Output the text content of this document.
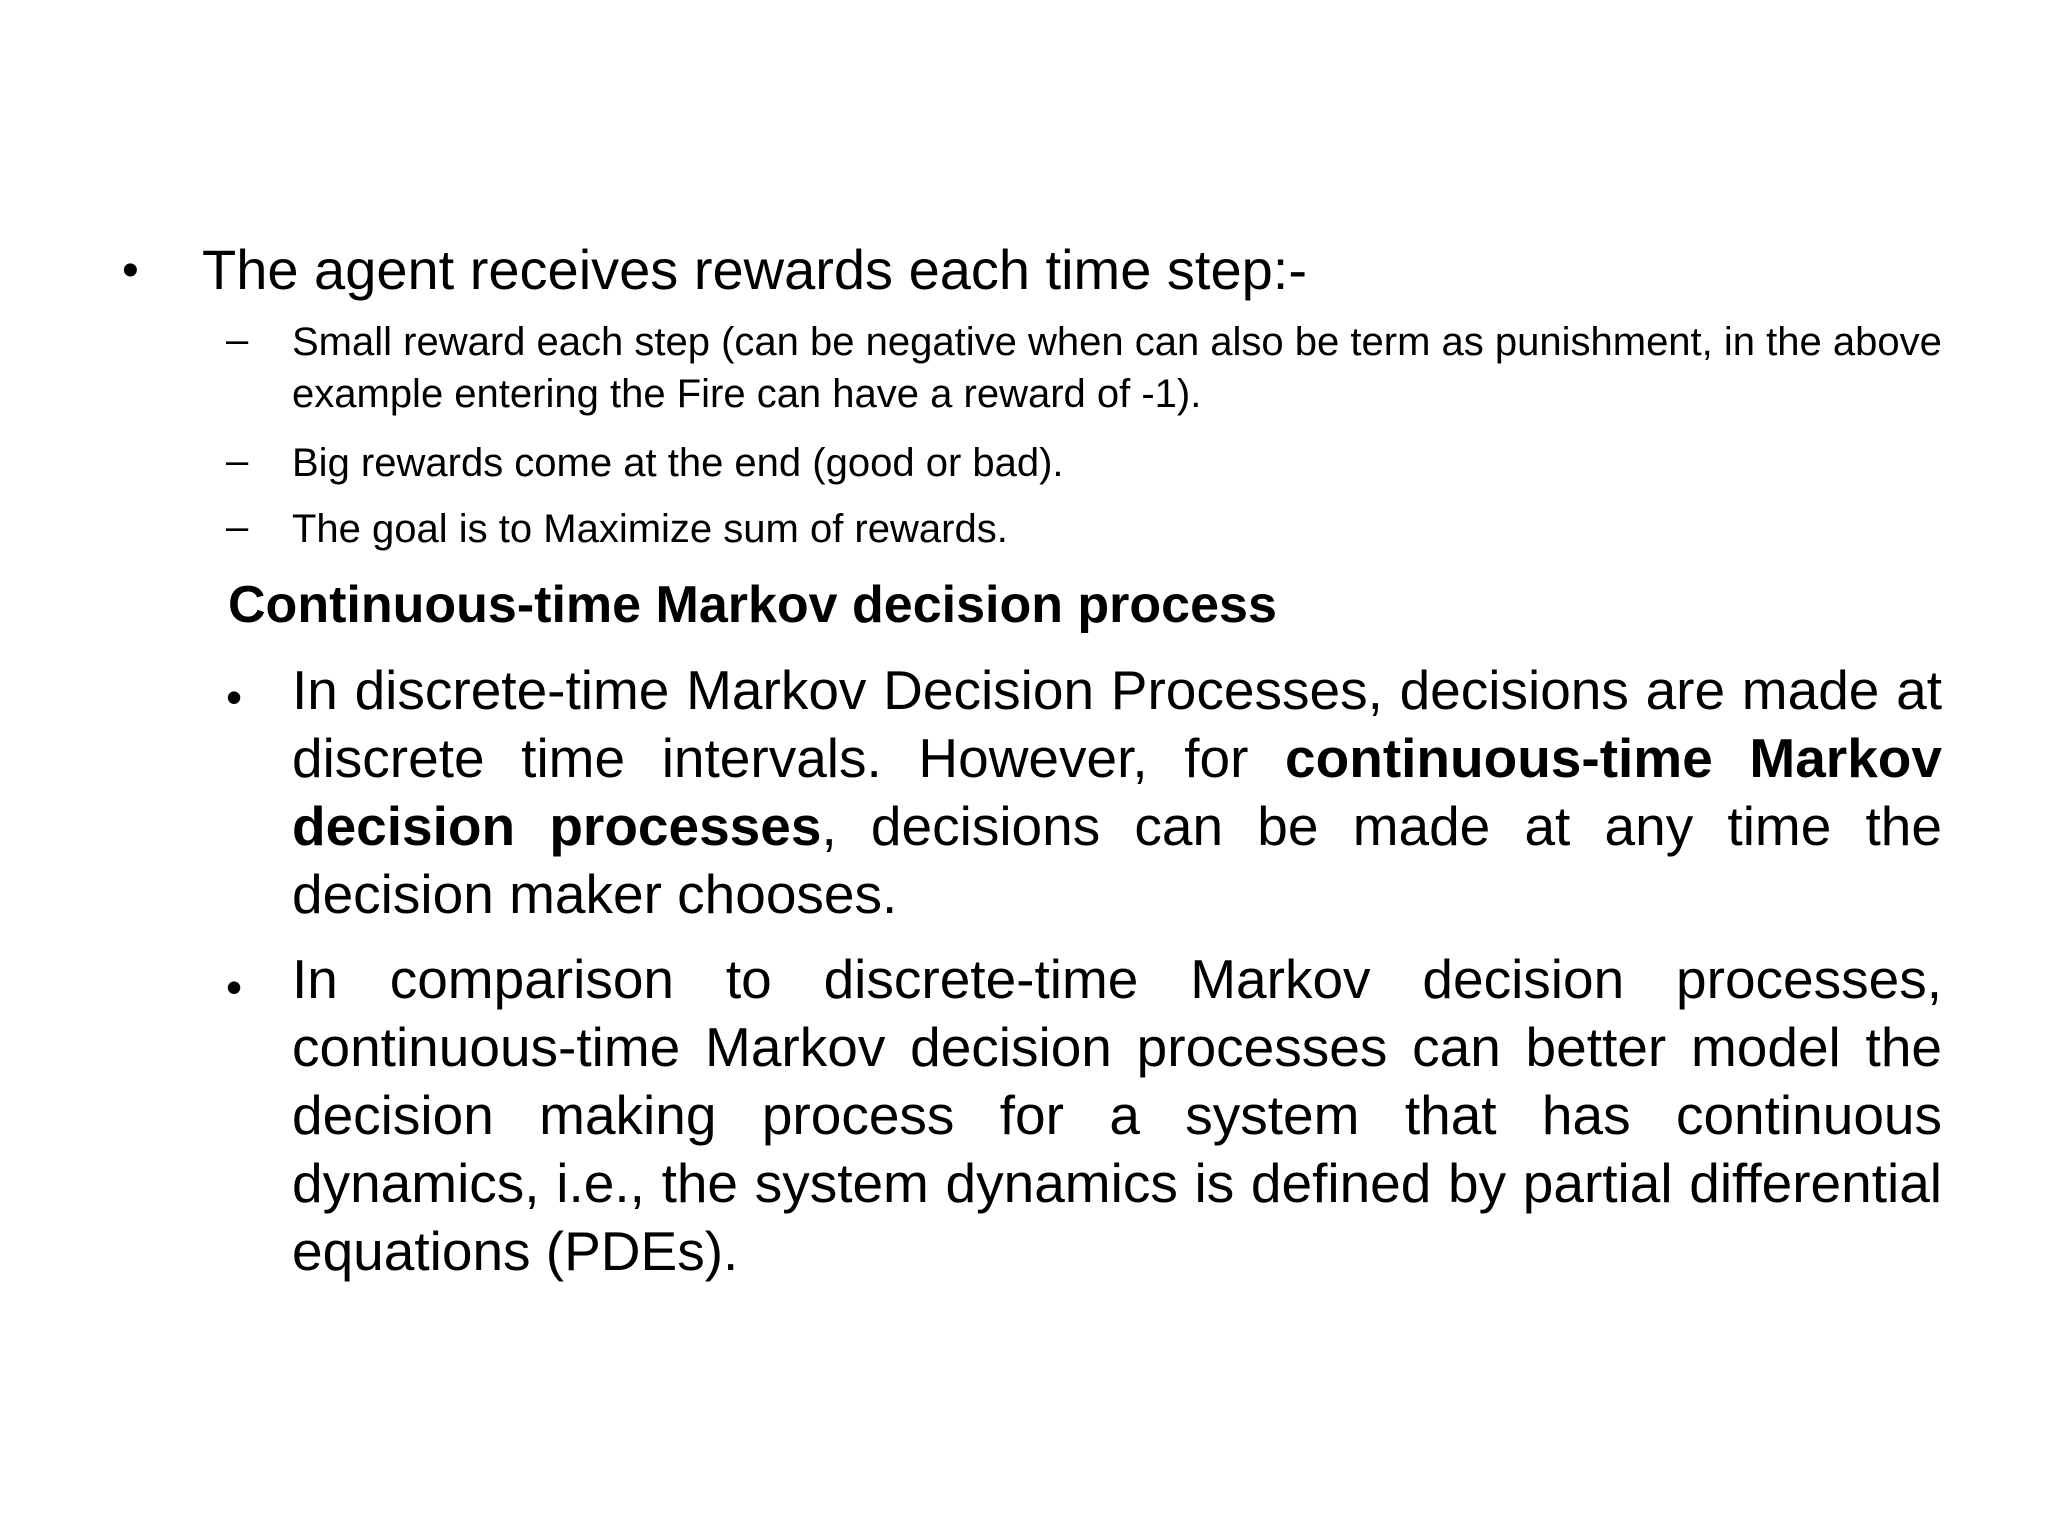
• The agent receives rewards each time step:-
– Small reward each step (can be negative when can also be term as punishment, in the above example entering the Fire can have a reward of -1).
– Big rewards come at the end (good or bad).
– The goal is to Maximize sum of rewards.
Continuous-time Markov decision process
• In discrete-time Markov Decision Processes, decisions are made at discrete time intervals. However, for continuous-time Markov decision processes, decisions can be made at any time the decision maker chooses.
• In comparison to discrete-time Markov decision processes, continuous-time Markov decision processes can better model the decision making process for a system that has continuous dynamics, i.e., the system dynamics is defined by partial differential equations (PDEs).
